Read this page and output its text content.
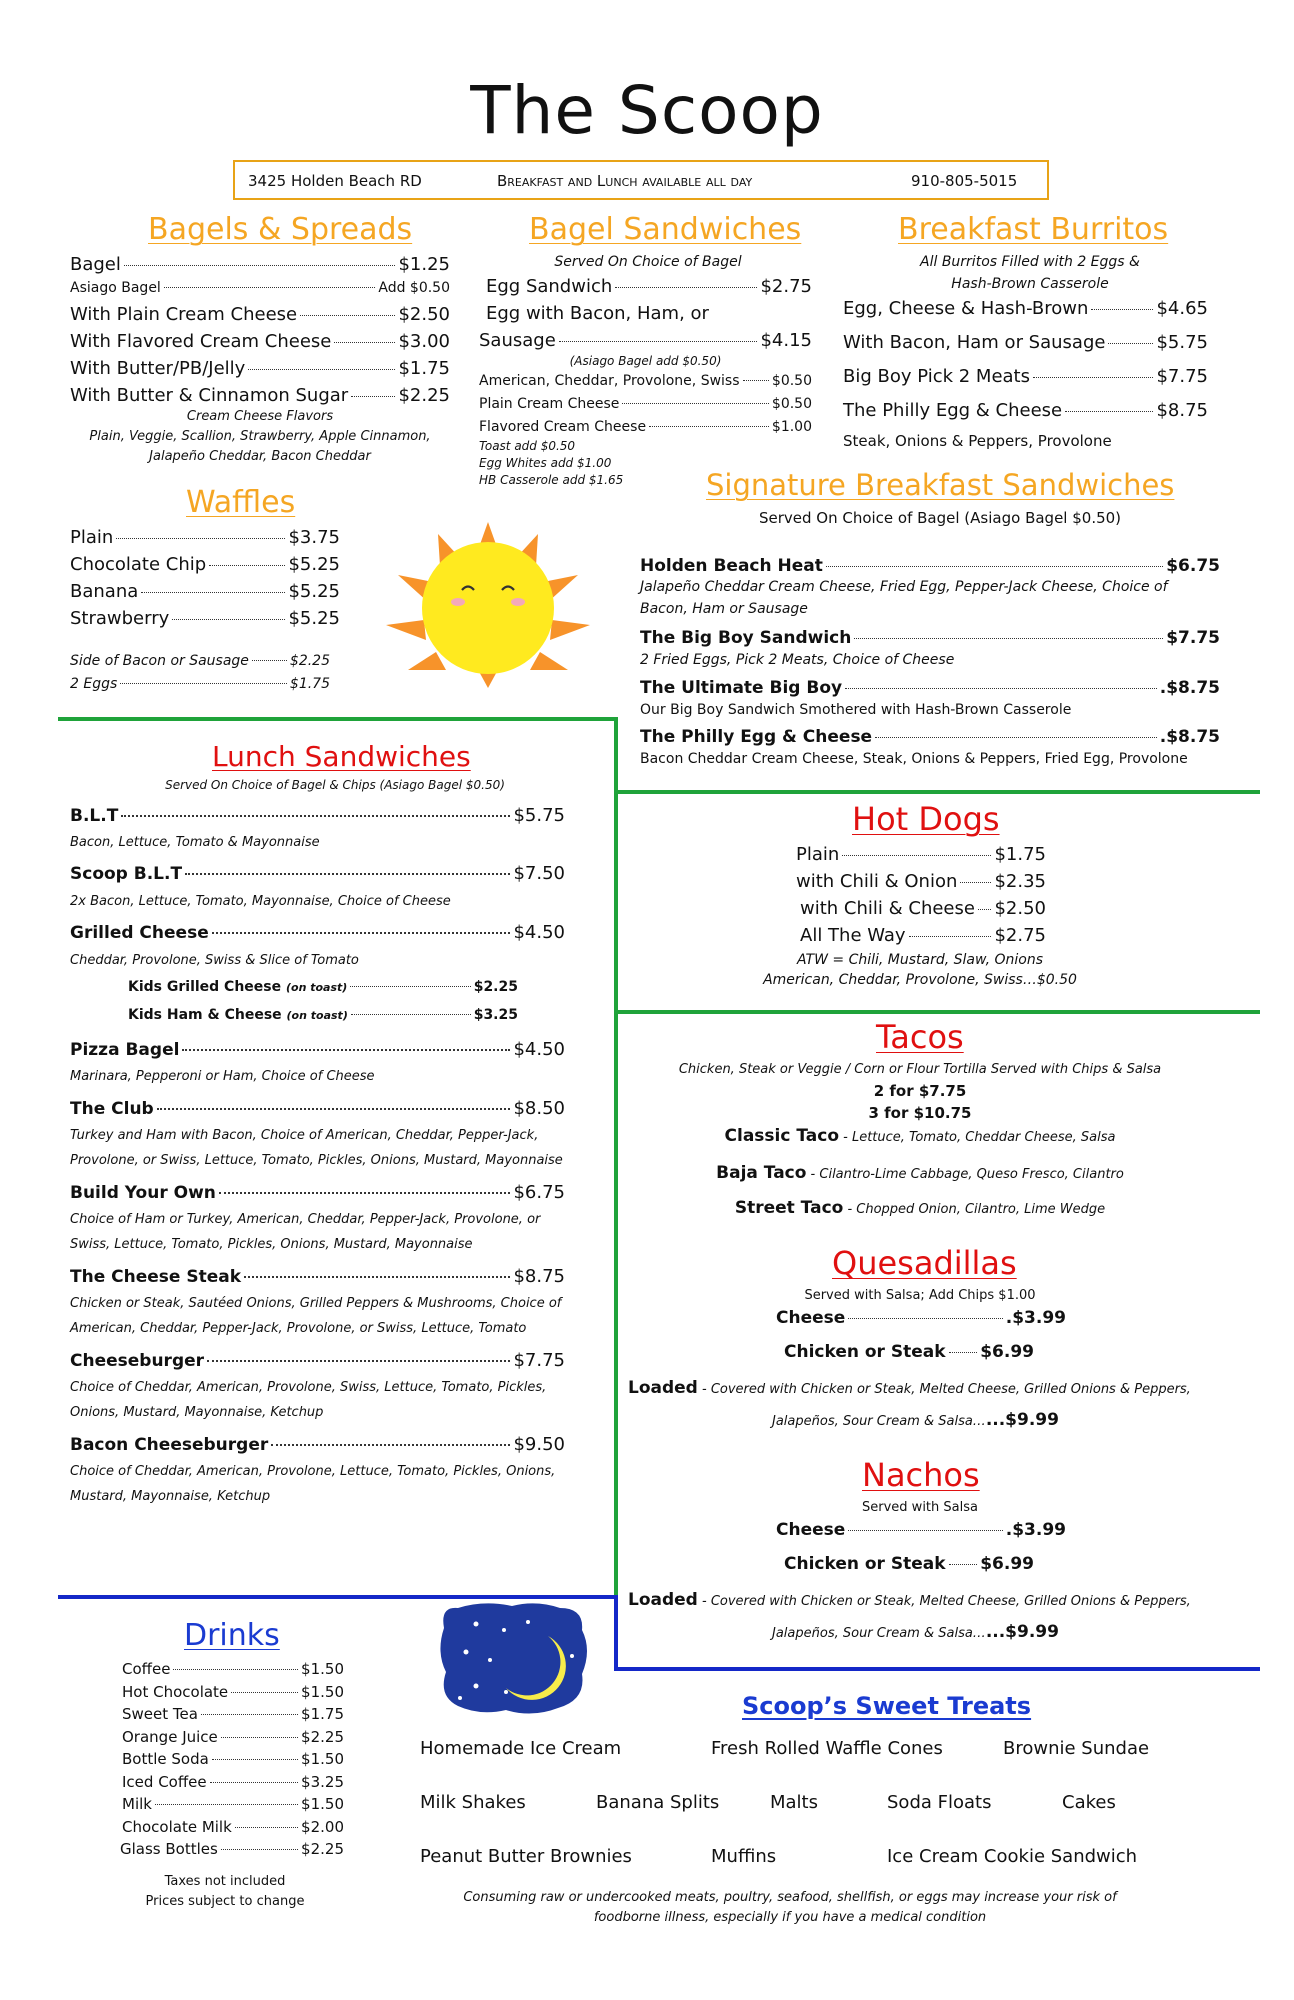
The Scoop
3425 Holden Beach RD	Breakfast and Lunch available all day	910-805-5015
Bagels & Spreads
Bagel	$1.25
Asiago Bagel	Add $0.50
With Plain Cream Cheese	$2.50
With Flavored Cream Cheese	$3.00
With Butter/PB/Jelly	$1.75
With Butter & Cinnamon Sugar	$2.25
Cream Cheese Flavors
Plain, Veggie, Scallion, Strawberry, Apple Cinnamon,
Jalapeño Cheddar, Bacon Cheddar
Bagel Sandwiches
Served On Choice of Bagel
Egg Sandwich	$2.75
Egg with Bacon, Ham, or
Sausage	$4.15
(Asiago Bagel add $0.50)
American, Cheddar, Provolone, Swiss $0.50
Plain Cream Cheese	$0.50
Flavored Cream Cheese	$1.00
Toast add $0.50
Egg Whites add $1.00
HB Casserole add $1.65
Breakfast Burritos
All Burritos Filled with 2 Eggs &
Hash-Brown Casserole
Egg, Cheese & Hash-Brown	$4.65
With Bacon, Ham or Sausage	$5.75
Big Boy Pick 2 Meats	$7.75
The Philly Egg & Cheese	$8.75
Steak, Onions & Peppers, Provolone
Waffles
Plain	$3.75
Chocolate Chip	$5.25
Banana	$5.25
Strawberry	$5.25
Side of Bacon or Sausage	$2.25
2 Eggs	$1.75
Signature Breakfast Sandwiches
Served On Choice of Bagel (Asiago Bagel $0.50)
Holden Beach Heat	$6.75
Jalapeño Cheddar Cream Cheese, Fried Egg, Pepper-Jack Cheese, Choice of
Bacon, Ham or Sausage
The Big Boy Sandwich	$7.75
2 Fried Eggs, Pick 2 Meats, Choice of Cheese
The Ultimate Big Boy	.$8.75
Our Big Boy Sandwich Smothered with Hash-Brown Casserole
The Philly Egg & Cheese	.$8.75
Bacon Cheddar Cream Cheese, Steak, Onions & Peppers, Fried Egg, Provolone
Lunch Sandwiches
Served On Choice of Bagel & Chips (Asiago Bagel $0.50)
B.L.T	$5.75
Bacon, Lettuce, Tomato & Mayonnaise
Scoop B.L.T	$7.50
2x Bacon, Lettuce, Tomato, Mayonnaise, Choice of Cheese
Grilled Cheese	$4.50
Cheddar, Provolone, Swiss & Slice of Tomato
Kids Grilled Cheese
(on toast)	$2.25
Kids Ham & Cheese
(on toast)	$3.25
Pizza Bagel	$4.50
Marinara, Pepperoni or Ham, Choice of Cheese
The Club	$8.50
Turkey and Ham with Bacon, Choice of American, Cheddar, Pepper-Jack,
Provolone, or Swiss, Lettuce, Tomato, Pickles, Onions, Mustard, Mayonnaise
Build Your Own	$6.75
Choice of Ham or Turkey, American, Cheddar, Pepper-Jack, Provolone, or
Swiss, Lettuce, Tomato, Pickles, Onions, Mustard, Mayonnaise
The Cheese Steak	$8.75
Chicken or Steak, Sautéed Onions, Grilled Peppers & Mushrooms, Choice of
American, Cheddar, Pepper-Jack, Provolone, or Swiss, Lettuce, Tomato
Cheeseburger	$7.75
Choice of Cheddar, American, Provolone, Swiss, Lettuce, Tomato, Pickles,
Onions, Mustard, Mayonnaise, Ketchup
Bacon Cheeseburger	$9.50
Choice of Cheddar, American, Provolone, Lettuce, Tomato, Pickles, Onions,
Mustard, Mayonnaise, Ketchup
Hot Dogs
Plain	$1.75
with Chili & Onion $2.35
with Chili & Cheese $2.50
All The Way	$2.75
ATW = Chili, Mustard, Slaw, Onions
American, Cheddar, Provolone, Swiss…$0.50
Tacos
Chicken, Steak or Veggie / Corn or Flour Tortilla Served with Chips & Salsa
2 for $7.75
3 for $10.75
Classic Taco - Lettuce, Tomato, Cheddar Cheese, Salsa
Baja Taco - Cilantro-Lime Cabbage, Queso Fresco, Cilantro
Street Taco - Chopped Onion, Cilantro, Lime Wedge
Quesadillas
Served with Salsa; Add Chips $1.00
Cheese	.$3.99
Chicken or Steak $6.99
Loaded - Covered with Chicken or Steak, Melted Cheese, Grilled Onions & Peppers,
Jalapeños, Sour Cream & Salsa…...$9.99
Nachos
Served with Salsa
Cheese	.$3.99
Chicken or Steak $6.99
Loaded - Covered with Chicken or Steak, Melted Cheese, Grilled Onions & Peppers,
Jalapeños, Sour Cream & Salsa…...$9.99
Drinks
Coffee	$1.50
Hot Chocolate	$1.50
Sweet Tea	$1.75
Orange Juice	$2.25
Bottle Soda	$1.50
Iced Coffee	$3.25
Milk	$1.50
Chocolate Milk	$2.00
Glass Bottles	$2.25
Taxes not included
Prices subject to change
Scoop’s Sweet Treats
Homemade Ice Cream	Fresh Rolled Waffle Cones	Brownie Sundae
Milk Shakes	Banana Splits	Malts	Soda Floats	Cakes
Peanut Butter Brownies	Muffins	Ice Cream Cookie Sandwich
Consuming raw or undercooked meats, poultry, seafood, shellfish, or eggs may increase your risk of
foodborne illness, especially if you have a medical condition
